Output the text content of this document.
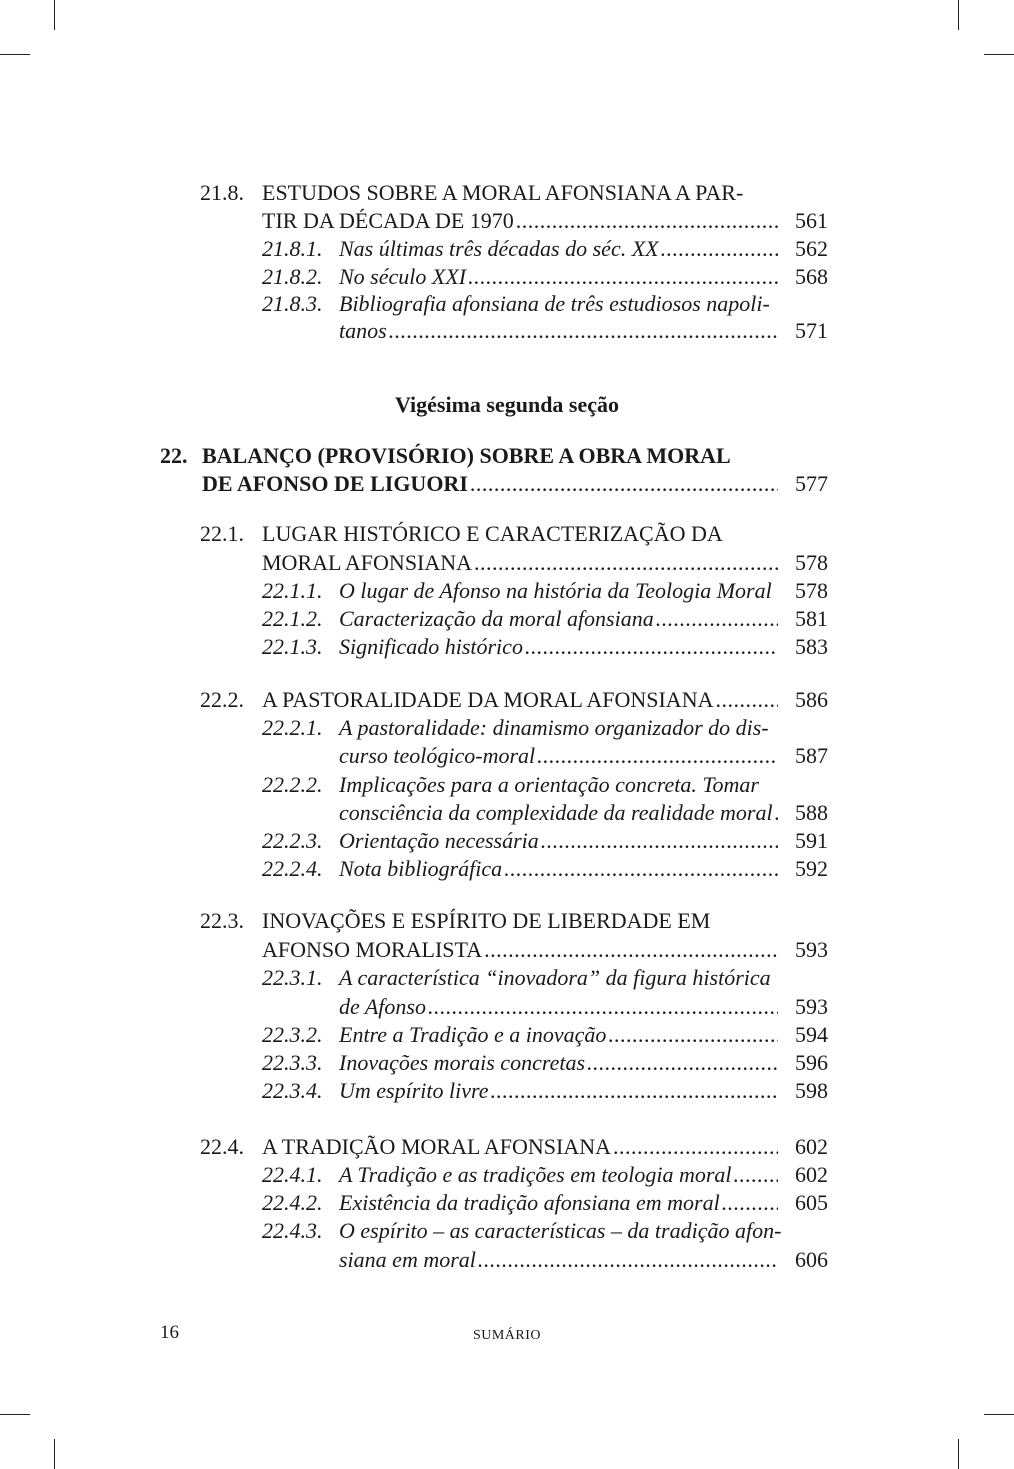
21.8. ESTUDOS SOBRE A MORAL AFONSIANA A PAR-
TIR DA DÉCADA DE 1970 .....	561
21.8.1. Nas últimas três décadas do séc. XX .....	562
21.8.2. No século XXI .....	568
21.8.3. Bibliografia afonsiana de três estudiosos napoli-
tanos .....	571
Vigésima segunda seção
22. BALANÇO (PROVISÓRIO) SOBRE A OBRA MORAL
DE AFONSO DE LIGUORI .....	577
22.1. LUGAR HISTÓRICO E CARACTERIZAÇÃO DA
MORAL AFONSIANA .....	578
22.1.1. O lugar de Afonso na história da Teologia Moral	578
22.1.2. Caracterização da moral afonsiana .....	581
22.1.3. Significado histórico .....	583
22.2. A PASTORALIDADE DA MORAL AFONSIANA .....	586
22.2.1. A pastoralidade: dinamismo organizador do dis-
curso teológico-moral .....	587
22.2.2. Implicações para a orientação concreta. Tomar
consciência da complexidade da realidade moral .....	588
22.2.3. Orientação necessária .....	591
22.2.4. Nota bibliográfica .....	592
22.3. INOVAÇÕES E ESPÍRITO DE LIBERDADE EM
AFONSO MORALISTA .....	593
22.3.1. A característica “inovadora” da figura histórica
de Afonso .....	593
22.3.2. Entre a Tradição e a inovação .....	594
22.3.3. Inovações morais concretas .....	596
22.3.4. Um espírito livre .....	598
22.4. A TRADIÇÃO MORAL AFONSIANA .....	602
22.4.1. A Tradição e as tradições em teologia moral .....	602
22.4.2. Existência da tradição afonsiana em moral .....	605
22.4.3. O espírito – as características – da tradição afon-
siana em moral .....	606
16	SUMÁRIO
